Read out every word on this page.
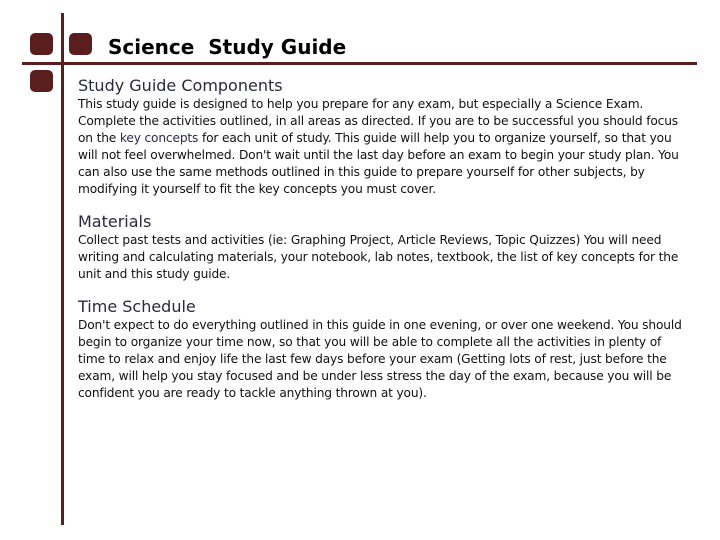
Science  Study Guide
Study Guide Components

This study guide is designed to help you prepare for any exam, but especially a Science Exam. Complete the activities outlined, in all areas as directed. If you are to be successful you should focus on the key concepts for each unit of study. This guide will help you to organize yourself, so that you will not feel overwhelmed. Don't wait until the last day before an exam to begin your study plan. You can also use the same methods outlined in this guide to prepare yourself for other subjects, by modifying it yourself to fit the key concepts you must cover.

Materials

Collect past tests and activities (ie: Graphing Project, Article Reviews, Topic Quizzes) You will need writing and calculating materials, your notebook, lab notes, textbook, the list of key concepts for the unit and this study guide.

Time Schedule

Don't expect to do everything outlined in this guide in one evening, or over one weekend. You should begin to organize your time now, so that you will be able to complete all the activities in plenty of time to relax and enjoy life the last few days before your exam (Getting lots of rest, just before the exam, will help you stay focused and be under less stress the day of the exam, because you will be confident you are ready to tackle anything thrown at you).
